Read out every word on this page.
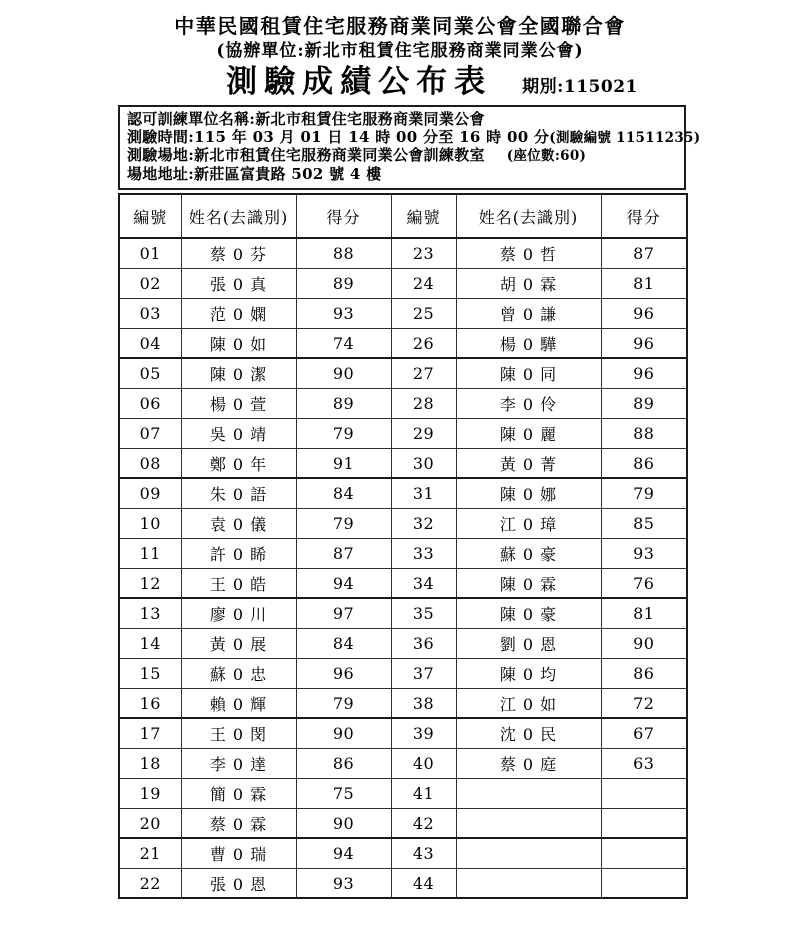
中華民國租賃住宅服務商業同業公會全國聯合會
(協辦單位:新北市租賃住宅服務商業同業公會)
測驗成績公布表 期別:115021
認可訓練單位名稱:新北市租賃住宅服務商業同業公會
測驗時間:115 年 03 月 01 日 14 時 00 分至 16 時 00 分 (測驗編號 11511235)
測驗場地:新北市租賃住宅服務商業同業公會訓練教室 (座位數:60)
場地地址:新莊區富貴路 502 號 4 樓
編號	姓名(去識別)	得分	編號	姓名(去識別)	得分
01	蔡 0 芬	88	23	蔡 0 哲	87
02	張 0 真	89	24	胡 0 霖	81
03	范 0 嫻	93	25	曾 0 謙	96
04	陳 0 如	74	26	楊 0 驊	96
05	陳 0 潔	90	27	陳 0 同	96
06	楊 0 萱	89	28	李 0 伶	89
07	吳 0 靖	79	29	陳 0 麗	88
08	鄭 0 年	91	30	黃 0 菁	86
09	朱 0 語	84	31	陳 0 娜	79
10	袁 0 儀	79	32	江 0 璋	85
11	許 0 睎	87	33	蘇 0 豪	93
12	王 0 皓	94	34	陳 0 霖	76
13	廖 0 川	97	35	陳 0 豪	81
14	黃 0 展	84	36	劉 0 恩	90
15	蘇 0 忠	96	37	陳 0 均	86
16	賴 0 輝	79	38	江 0 如	72
17	王 0 閔	90	39	沈 0 民	67
18	李 0 達	86	40	蔡 0 庭	63
19	簡 0 霖	75	41		
20	蔡 0 霖	90	42		
21	曹 0 瑞	94	43		
22	張 0 恩	93	44		
